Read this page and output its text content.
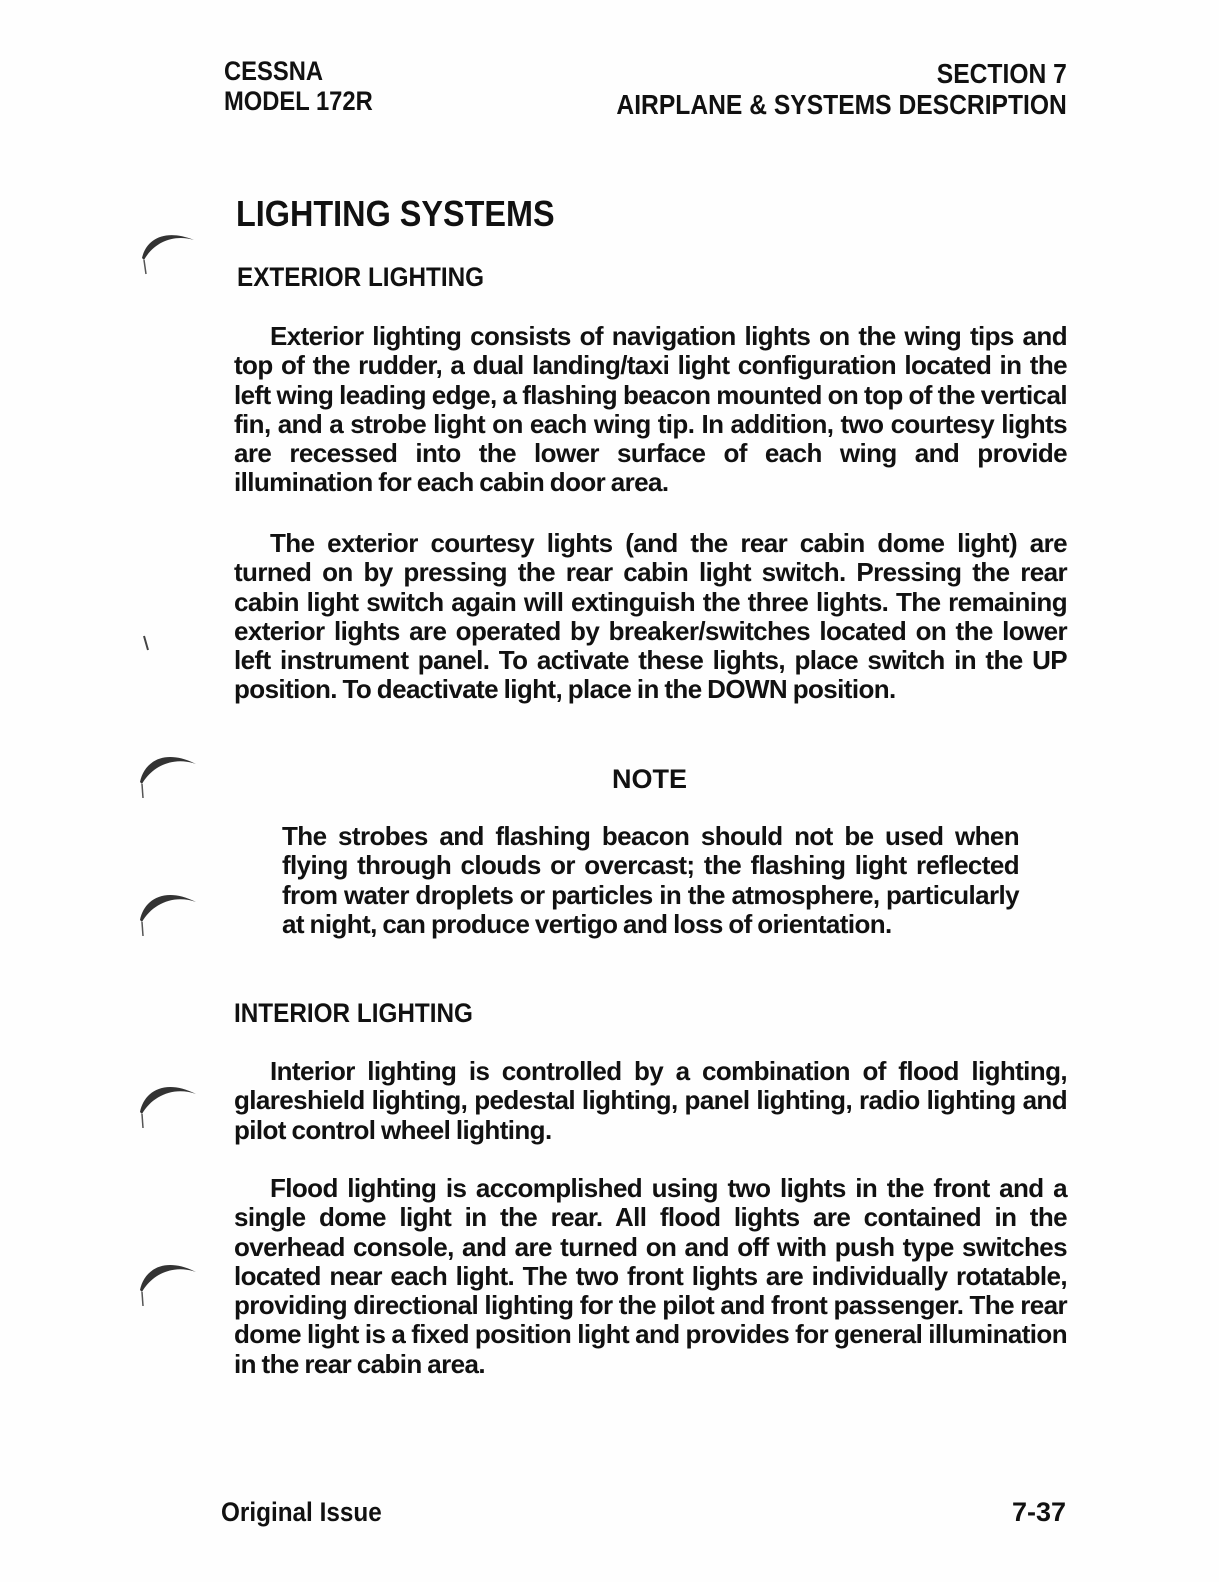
CESSNA
MODEL 172R
SECTION 7
AIRPLANE & SYSTEMS DESCRIPTION
LIGHTING SYSTEMS
EXTERIOR LIGHTING

Exterior lighting consists of navigation lights on the wing tips and top of the rudder, a dual landing/taxi light configuration located in the left wing leading edge, a flashing beacon mounted on top of the vertical fin, and a strobe light on each wing tip. In addition, two courtesy lights are recessed into the lower surface of each wing and provide illumination for each cabin door area.

The exterior courtesy lights (and the rear cabin dome light) are turned on by pressing the rear cabin light switch. Pressing the rear cabin light switch again will extinguish the three lights. The remaining exterior lights are operated by breaker/switches located on the lower left instrument panel. To activate these lights, place switch in the UP position. To deactivate light, place in the DOWN position.

NOTE

The strobes and flashing beacon should not be used when flying through clouds or overcast; the flashing light reflected from water droplets or particles in the atmosphere, particularly at night, can produce vertigo and loss of orientation.

INTERIOR LIGHTING

Interior lighting is controlled by a combination of flood lighting, glareshield lighting, pedestal lighting, panel lighting, radio lighting and pilot control wheel lighting.

Flood lighting is accomplished using two lights in the front and a single dome light in the rear. All flood lights are contained in the overhead console, and are turned on and off with push type switches located near each light. The two front lights are individually rotatable, providing directional lighting for the pilot and front passenger. The rear dome light is a fixed position light and provides for general illumination in the rear cabin area.

Original Issue	7-37
